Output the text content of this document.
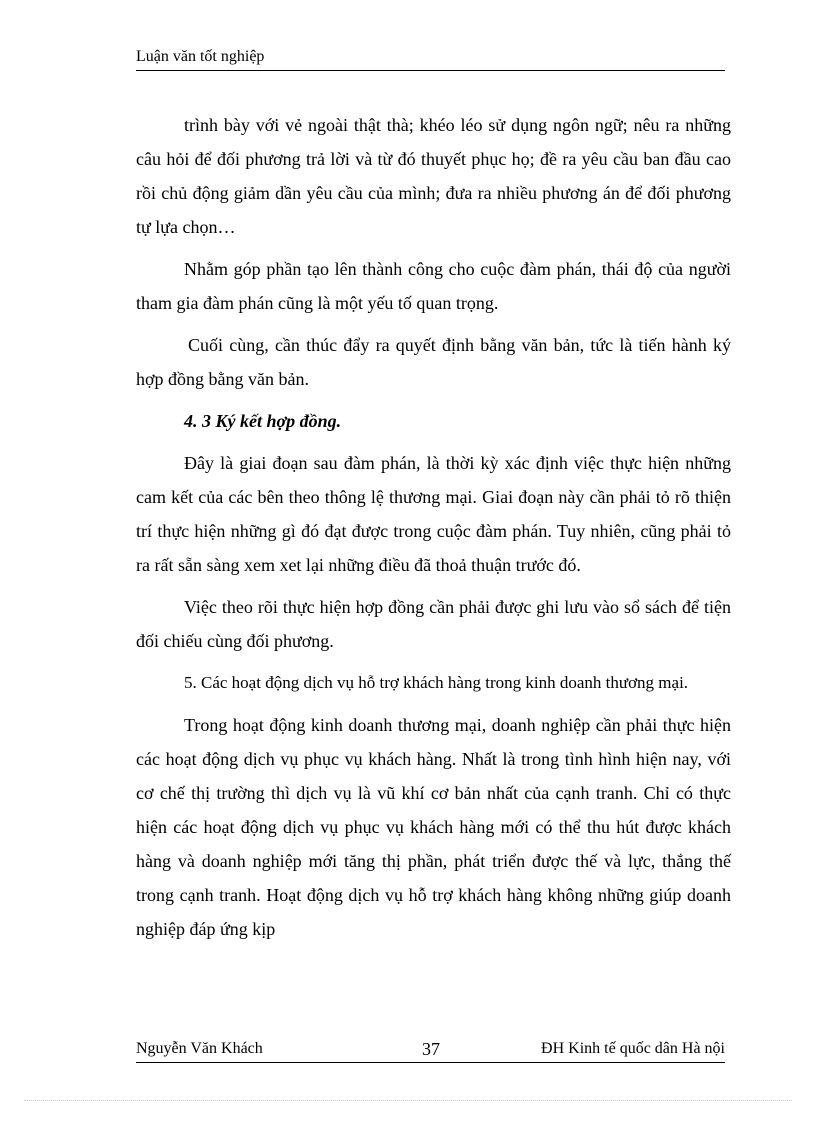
Luận văn tốt nghiệp

trình bày với vẻ ngoài thật thà; khéo léo sử dụng ngôn ngữ; nêu ra những câu hỏi để đối phương trả lời và từ đó thuyết phục họ; đề ra yêu cầu ban đầu cao rồi chủ động giảm dần yêu cầu của mình; đưa ra nhiều phương án để đối phương tự lựa chọn…

Nhằm góp phần tạo lên thành công cho cuộc đàm phán, thái độ của người tham gia đàm phán cũng là một yếu tố quan trọng.

Cuối cùng, cần thúc đẩy ra quyết định bằng văn bản, tức là tiến hành ký hợp đồng bằng văn bản.

4. 3 Ký kết hợp đồng.

Đây là giai đoạn sau đàm phán, là thời kỳ xác định việc thực hiện những cam kết của các bên theo thông lệ thương mại. Giai đoạn này cần phải tỏ rõ thiện trí thực hiện những gì đó đạt được trong cuộc đàm phán. Tuy nhiên, cũng phải tỏ ra rất sẵn sàng xem xet lại những điều đã thoả thuận trước đó.

Việc theo rõi thực hiện hợp đồng cần phải được ghi lưu vào sổ sách để tiện đối chiếu cùng đối phương.

5. Các hoạt động dịch vụ hỗ trợ khách hàng trong kinh doanh thương mại.

Trong hoạt động kinh doanh thương mại, doanh nghiệp cần phải thực hiện các hoạt động dịch vụ phục vụ khách hàng. Nhất là trong tình hình hiện nay, với cơ chế thị trường thì dịch vụ là vũ khí cơ bản nhất của cạnh tranh. Chỉ có thực hiện các hoạt động dịch vụ phục vụ khách hàng mới có thể thu hút được khách hàng và doanh nghiệp mới tăng thị phần, phát triển được thế và lực, thắng thế trong cạnh tranh. Hoạt động dịch vụ hỗ trợ khách hàng không những giúp doanh nghiệp đáp ứng kịp

Nguyễn Văn Khách	37	ĐH Kinh tế quốc dân Hà nội
